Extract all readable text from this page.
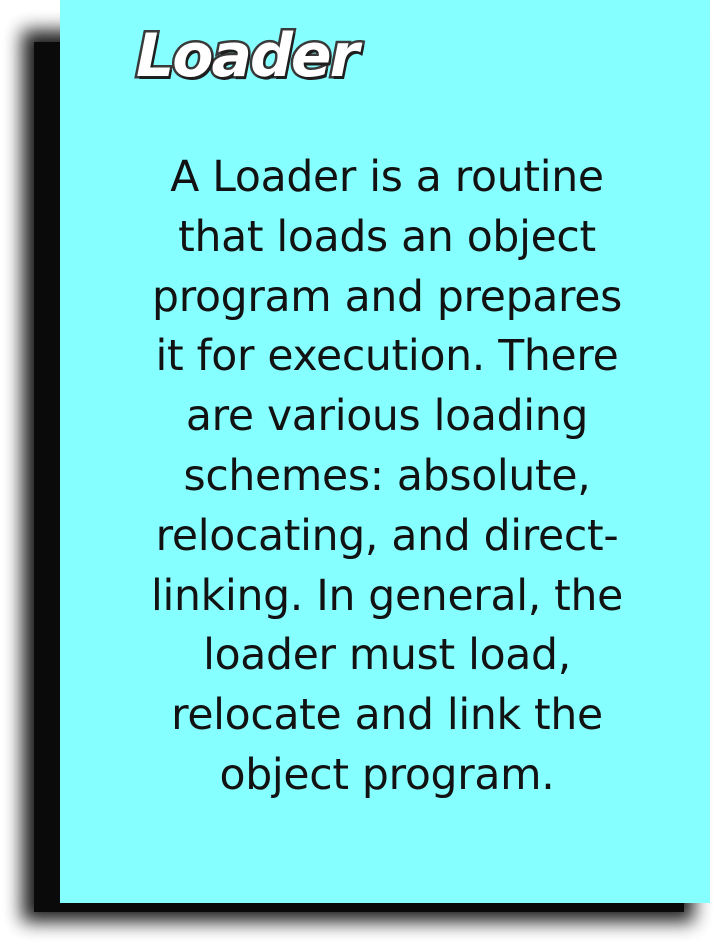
Loader

A Loader is a routine that loads an object program and prepares it for execution. There are various loading schemes: absolute, relocating, and direct-linking. In general, the loader must load, relocate and link the object program.
